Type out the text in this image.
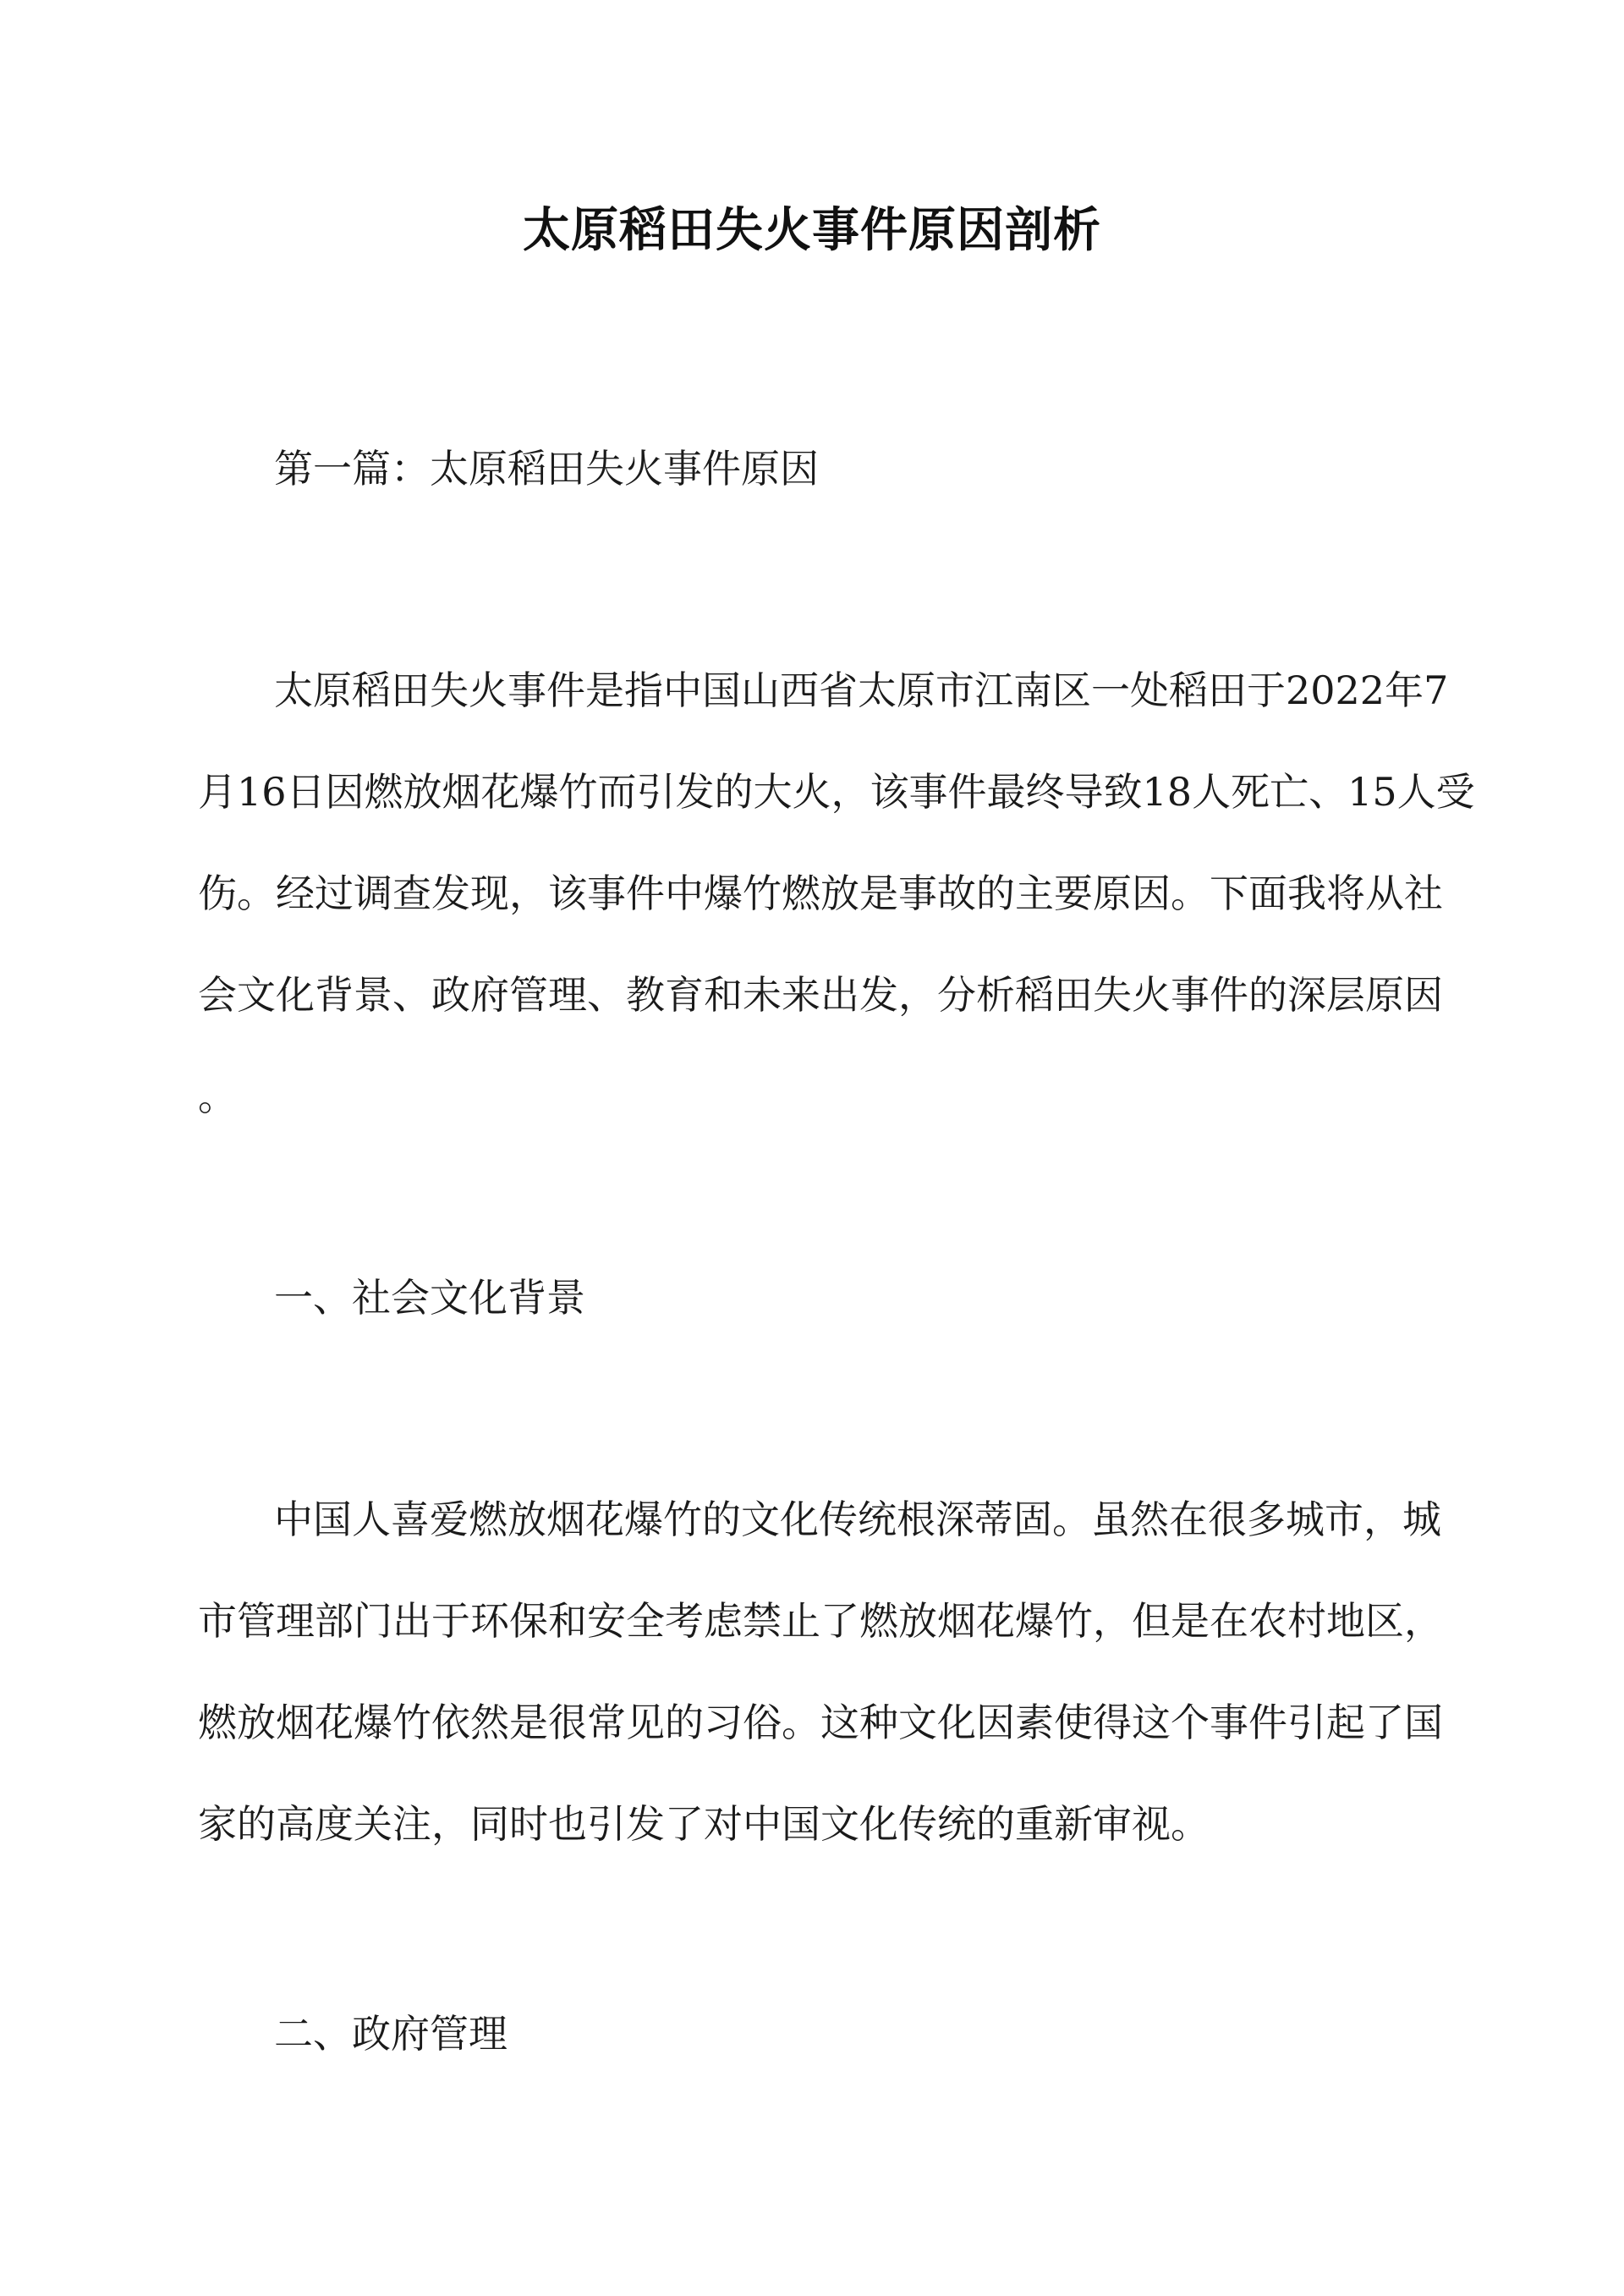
太原稻田失火事件原因剖析
第一篇：太原稻田失火事件原因
太原稻田失火事件是指中国山西省太原市江南区一处稻田于2022年7
月16日因燃放烟花爆竹而引发的大火，该事件最终导致18人死亡、15人受
伤。经过调查发现，该事件中爆竹燃放是事故的主要原因。下面我将从社
会文化背景、政府管理、教育和未来出发，分析稻田失火事件的深层原因
。
一、社会文化背景
中国人喜爱燃放烟花爆竹的文化传统根深蒂固。虽然在很多城市，城
市管理部门出于环保和安全考虑禁止了燃放烟花爆竹，但是在农村地区，
燃放烟花爆竹依然是很常见的习俗。这种文化因素使得这个事件引起了国
家的高度关注，同时也引发了对中国文化传统的重新审视。
二、政府管理
